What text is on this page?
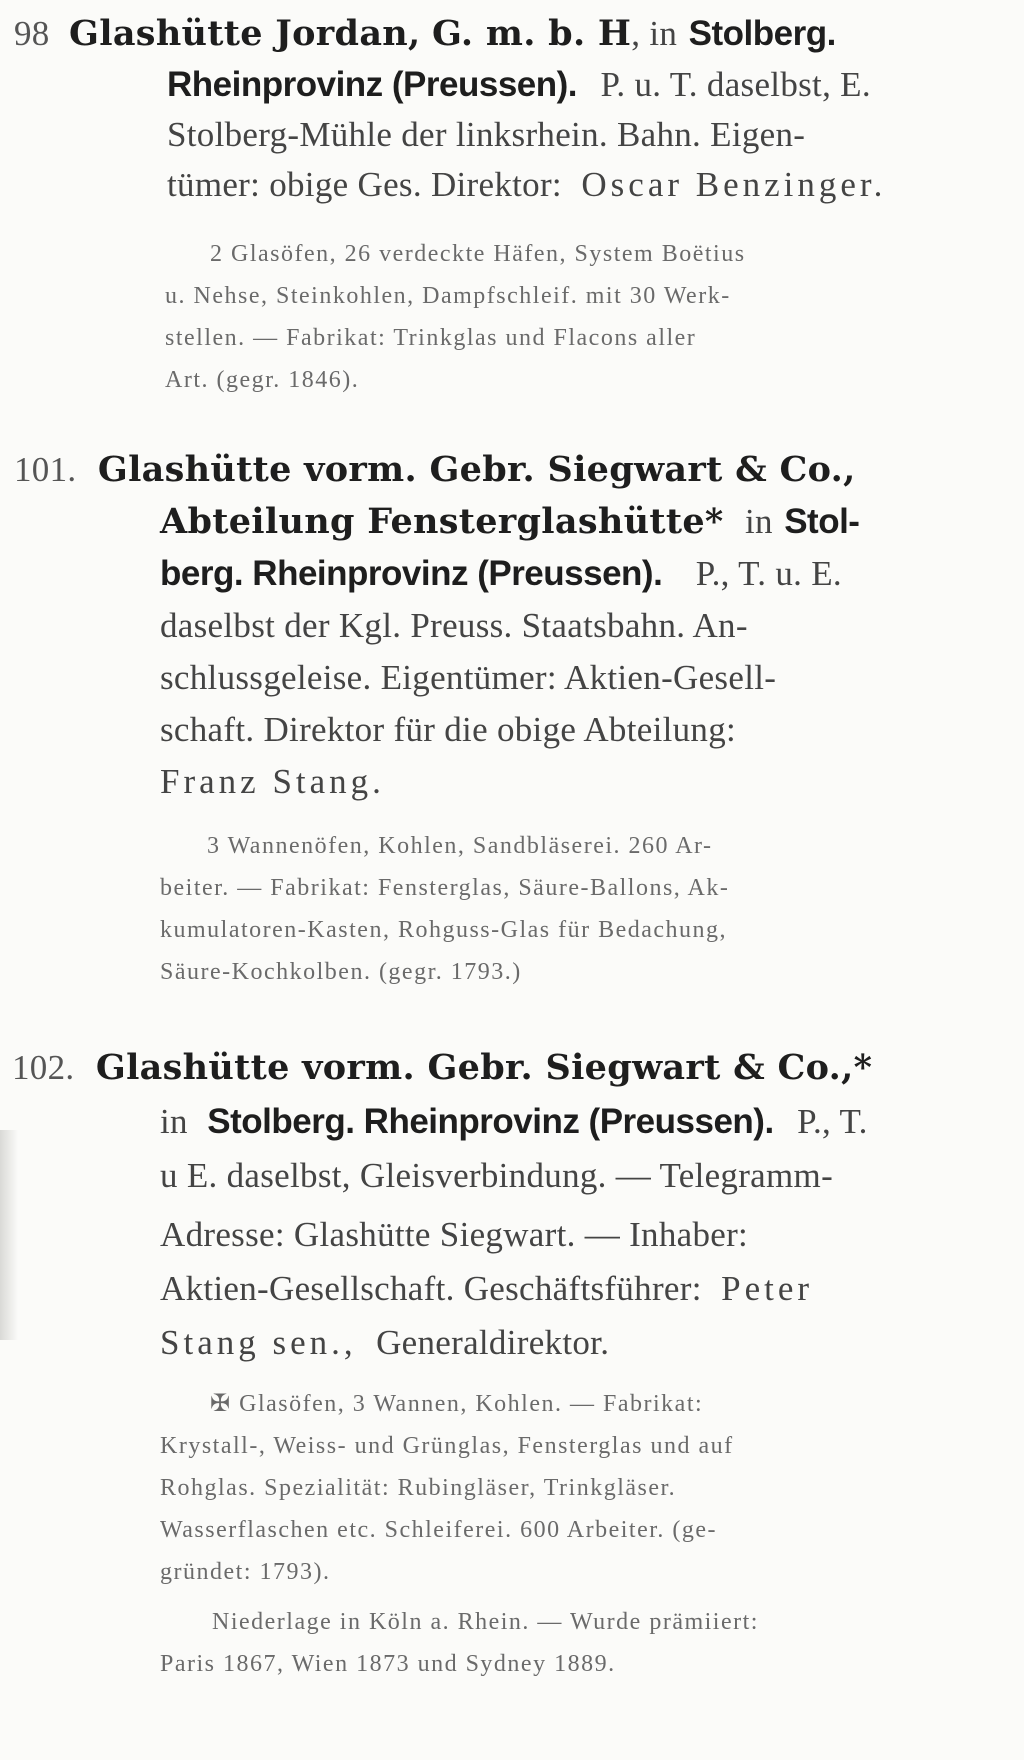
98 Glashütte Jordan, G. m. b. H, in Stolberg.
Rheinprovinz (Preussen). P. u. T. daselbst, E.
Stolberg-Mühle der linksrhein. Bahn. Eigen-
tümer: obige Ges. Direktor: Oscar Benzinger.
2 Glasöfen, 26 verdeckte Häfen, System Boëtius
u. Nehse, Steinkohlen, Dampfschleif. mit 30 Werk-
stellen. — Fabrikat: Trinkglas und Flacons aller
Art. (gegr. 1846).
101. Glashütte vorm. Gebr. Siegwart & Co.,
Abteilung Fensterglashütte* in Stol-
berg. Rheinprovinz (Preussen). P., T. u. E.
daselbst der Kgl. Preuss. Staatsbahn. An-
schlussgeleise. Eigentümer: Aktien-Gesell-
schaft. Direktor für die obige Abteilung:
Franz Stang.
3 Wannenöfen, Kohlen, Sandbläserei. 260 Ar-
beiter. — Fabrikat: Fensterglas, Säure-Ballons, Ak-
kumulatoren-Kasten, Rohguss-Glas für Bedachung,
Säure-Kochkolben. (gegr. 1793.)
102. Glashütte vorm. Gebr. Siegwart & Co.,*
in Stolberg. Rheinprovinz (Preussen). P., T.
u E. daselbst, Gleisverbindung. — Telegramm-
Adresse: Glashütte Siegwart. — Inhaber:
Aktien-Gesellschaft. Geschäftsführer: Peter
Stang sen., Generaldirektor.
✠ Glasöfen, 3 Wannen, Kohlen. — Fabrikat:
Krystall-, Weiss- und Grünglas, Fensterglas und auf
Rohglas. Spezialität: Rubingläser, Trinkgläser.
Wasserflaschen etc. Schleiferei. 600 Arbeiter. (ge-
gründet: 1793).
Niederlage in Köln a. Rhein. — Wurde prämiiert:
Paris 1867, Wien 1873 und Sydney 1889.
